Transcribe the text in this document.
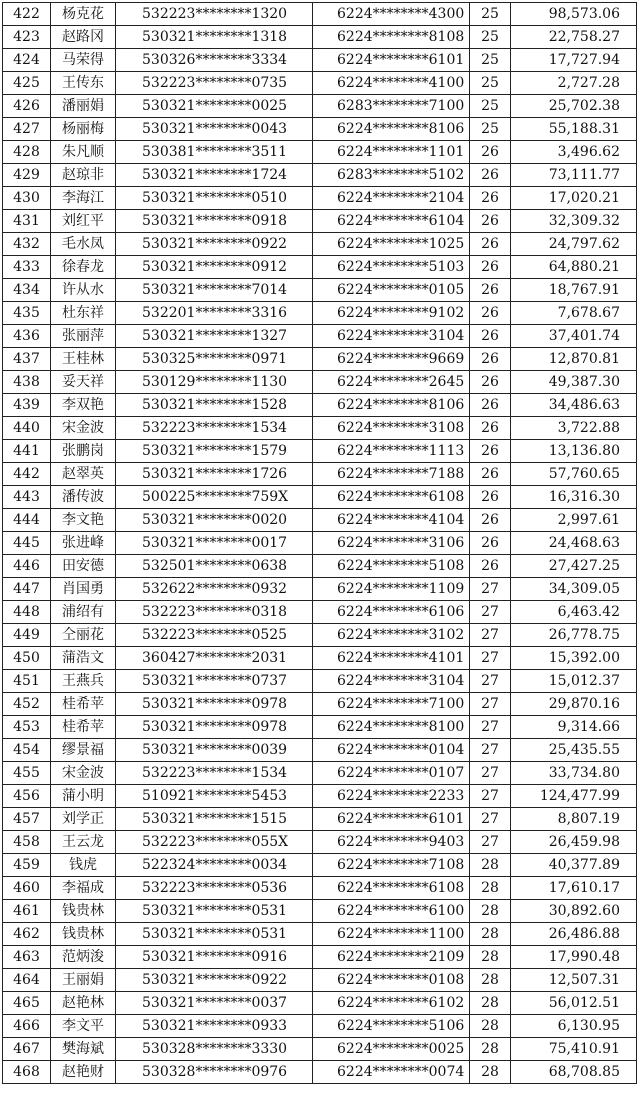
422	杨克花	532223********1320	6224********4300	25	98,573.06
423	赵路冈	530321********1318	6224********8108	25	22,758.27
424	马荣得	530326********3334	6224********6101	25	17,727.94
425	王传东	532223********0735	6224********4100	25	2,727.28
426	潘丽娟	530321********0025	6283********7100	25	25,702.38
427	杨丽梅	530321********0043	6224********8106	25	55,188.31
428	朱凡顺	530381********3511	6224********1101	26	3,496.62
429	赵琼非	530321********1724	6283********5102	26	73,111.77
430	李海江	530321********0510	6224********2104	26	17,020.21
431	刘红平	530321********0918	6224********6104	26	32,309.32
432	毛水凤	530321********0922	6224********1025	26	24,797.62
433	徐春龙	530321********0912	6224********5103	26	64,880.21
434	许从水	530321********7014	6224********0105	26	18,767.91
435	杜东祥	532201********3316	6224********9102	26	7,678.67
436	张丽萍	530321********1327	6224********3104	26	37,401.74
437	王桂林	530325********0971	6224********9669	26	12,870.81
438	妥天祥	530129********1130	6224********2645	26	49,387.30
439	李双艳	530321********1528	6224********8106	26	34,486.63
440	宋金波	532223********1534	6224********3108	26	3,722.88
441	张鹏岗	530321********1579	6224********1113	26	13,136.80
442	赵翠英	530321********1726	6224********7188	26	57,760.65
443	潘传波	500225********759X	6224********6108	26	16,316.30
444	李文艳	530321********0020	6224********4104	26	2,997.61
445	张进峰	530321********0017	6224********3106	26	24,468.63
446	田安德	532501********0638	6224********5108	26	27,427.25
447	肖国勇	532622********0932	6224********1109	27	34,309.05
448	浦绍有	532223********0318	6224********6106	27	6,463.42
449	仝丽花	532223********0525	6224********3102	27	26,778.75
450	蒲浩文	360427********2031	6224********4101	27	15,392.00
451	王燕兵	530321********0737	6224********3104	27	15,012.37
452	桂希苹	530321********0978	6224********7100	27	29,870.16
453	桂希苹	530321********0978	6224********8100	27	9,314.66
454	缪景福	530321********0039	6224********0104	27	25,435.55
455	宋金波	532223********1534	6224********0107	27	33,734.80
456	蒲小明	510921********5453	6224********2233	27	124,477.99
457	刘学正	530321********1515	6224********6101	27	8,807.19
458	王云龙	532223********055X	6224********9403	27	26,459.98
459	钱虎	522324********0034	6224********7108	28	40,377.89
460	李福成	532223********0536	6224********6108	28	17,610.17
461	钱贵林	530321********0531	6224********6100	28	30,892.60
462	钱贵林	530321********0531	6224********1100	28	26,486.88
463	范炳浚	530321********0916	6224********2109	28	17,990.48
464	王丽娟	530321********0922	6224********0108	28	12,507.31
465	赵艳林	530321********0037	6224********6102	28	56,012.51
466	李文平	530321********0933	6224********5106	28	6,130.95
467	樊海斌	530328********3330	6224********0025	28	75,410.91
468	赵艳财	530328********0976	6224********0074	28	68,708.85
